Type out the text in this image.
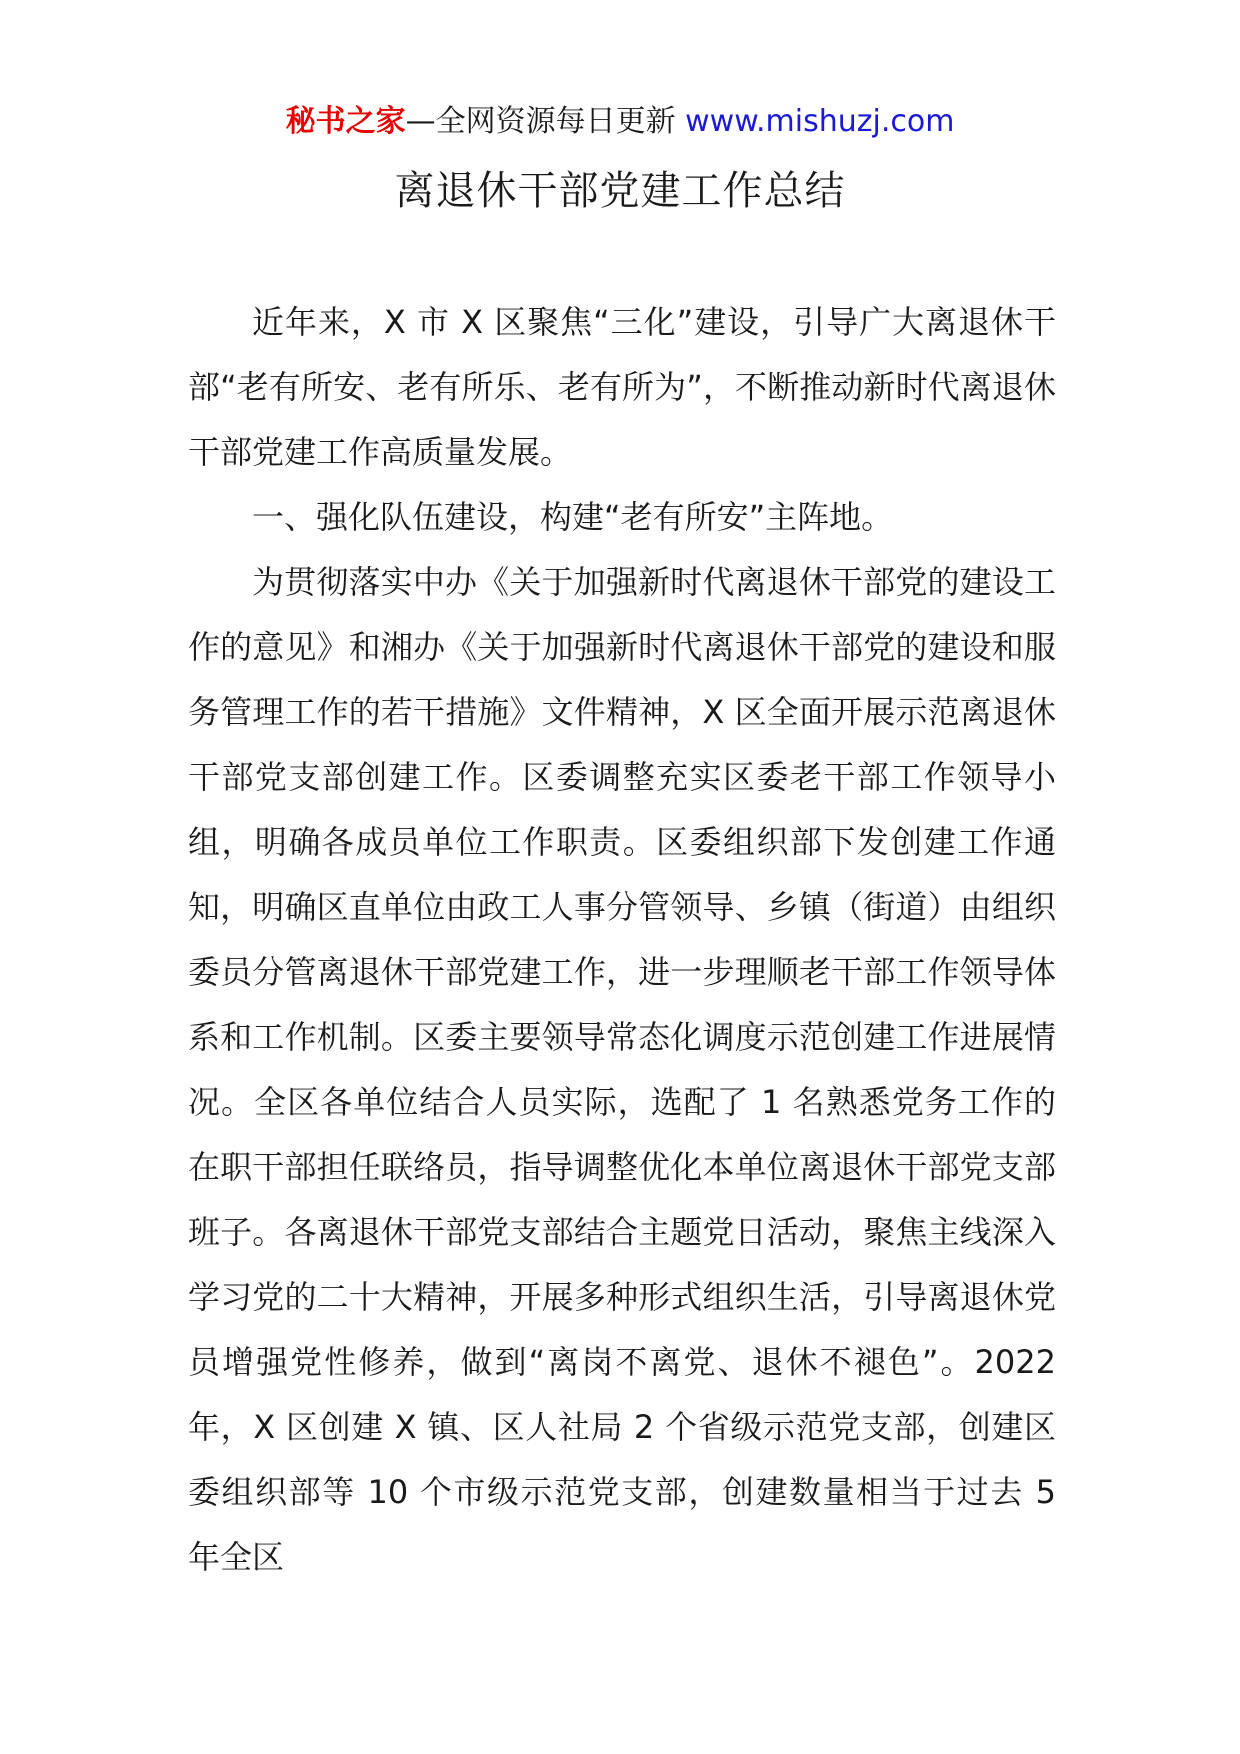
秘书之家—全网资源每日更新 www.mishuzj.com
离退休干部党建工作总结

近年来，X 市 X 区聚焦“三化”建设，引导广大离退休干部“老有所安、老有所乐、老有所为”，不断推动新时代离退休干部党建工作高质量发展。

一、强化队伍建设，构建“老有所安”主阵地。

为贯彻落实中办《关于加强新时代离退休干部党的建设工作的意见》和湘办《关于加强新时代离退休干部党的建设和服务管理工作的若干措施》文件精神，X 区全面开展示范离退休干部党支部创建工作。区委调整充实区委老干部工作领导小组，明确各成员单位工作职责。区委组织部下发创建工作通知，明确区直单位由政工人事分管领导、乡镇（街道）由组织委员分管离退休干部党建工作，进一步理顺老干部工作领导体系和工作机制。区委主要领导常态化调度示范创建工作进展情况。全区各单位结合人员实际，选配了 1 名熟悉党务工作的在职干部担任联络员，指导调整优化本单位离退休干部党支部班子。各离退休干部党支部结合主题党日活动，聚焦主线深入学习党的二十大精神，开展多种形式组织生活，引导离退休党员增强党性修养，做到“离岗不离党、退休不褪色”。2022 年，X 区创建 X 镇、区人社局 2 个省级示范党支部，创建区委组织部等 10 个市级示范党支部，创建数量相当于过去 5 年全区
